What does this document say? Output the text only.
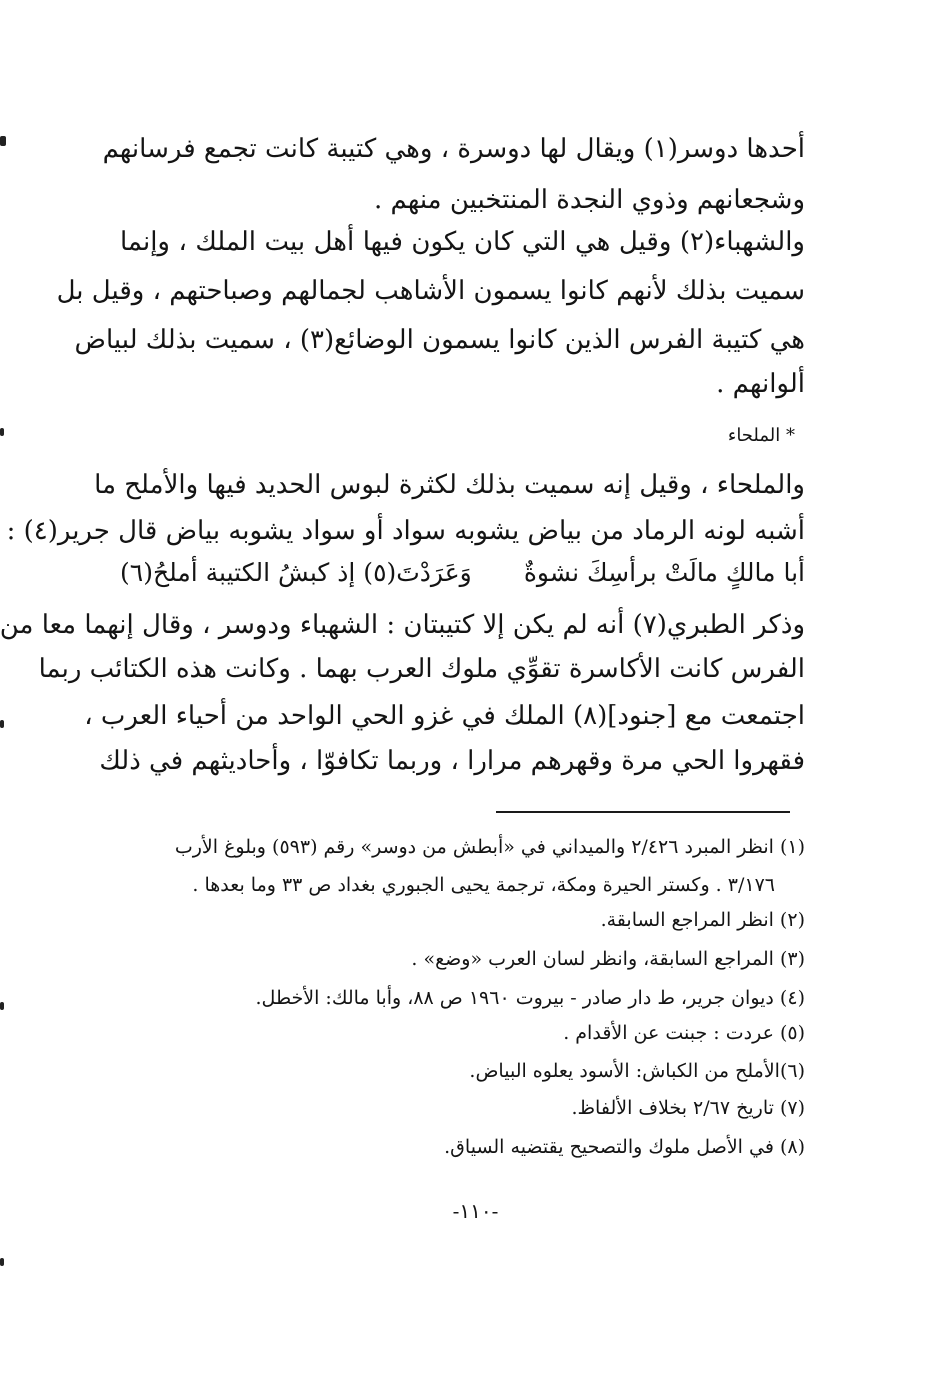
أحدها دوسر(١) ويقال لها دوسرة ، وهي كتيبة كانت تجمع فرسانهم
وشجعانهم وذوي النجدة المنتخبين منهم .
والشهباء(٢) وقيل هي التي كان يكون فيها أهل بيت الملك ، وإنما
سميت بذلك لأنهم كانوا يسمون الأشاهب لجمالهم وصباحتهم ، وقيل بل
هي كتيبة الفرس الذين كانوا يسمون الوضائع(٣) ، سميت بذلك لبياض
ألوانهم .
* الملحاء
والملحاء ، وقيل إنه سميت بذلك لكثرة لبوس الحديد فيها والأملح ما
أشبه لونه الرماد من بياض يشوبه سواد أو سواد يشوبه بياض قال جرير(٤) :
أبا مالكٍ مالَتْ برأسِكَ نشوةٌ
وَعَرَدْتَ(٥) إذ كبشُ الكتيبة أملحُ(٦)
وذكر الطبري(٧) أنه لم يكن إلا كتيبتان : الشهباء ودوسر ، وقال إنهما معا من
الفرس كانت الأكاسرة تقوِّي ملوك العرب بهما . وكانت هذه الكتائب ربما
اجتمعت مع [جنود](٨) الملك في غزو الحي الواحد من أحياء العرب ،
فقهروا الحي مرة وقهرهم مرارا ، وربما تكافوّا ، وأحاديثهم في ذلك
(١) انظر المبرد ٢/٤٢٦ والميداني في «أبطش من دوسر» رقم (٥٩٣) وبلوغ الأرب
٣/١٧٦ . وكستر الحيرة ومكة، ترجمة يحيى الجبوري بغداد ص ٣٣ وما بعدها .
(٢) انظر المراجع السابقة.
(٣) المراجع السابقة، وانظر لسان العرب «وضع» .
(٤) ديوان جرير، ط دار صادر - بيروت ١٩٦٠ ص ٨٨، وأبا مالك: الأخطل.
(٥) عردت : جبنت عن الأقدام .
(٦)الأملح من الكباش: الأسود يعلوه البياض.
(٧) تاريخ ٢/٦٧ بخلاف الألفاظ.
(٨) في الأصل ملوك والتصحيح يقتضيه السياق.
-١١٠-
